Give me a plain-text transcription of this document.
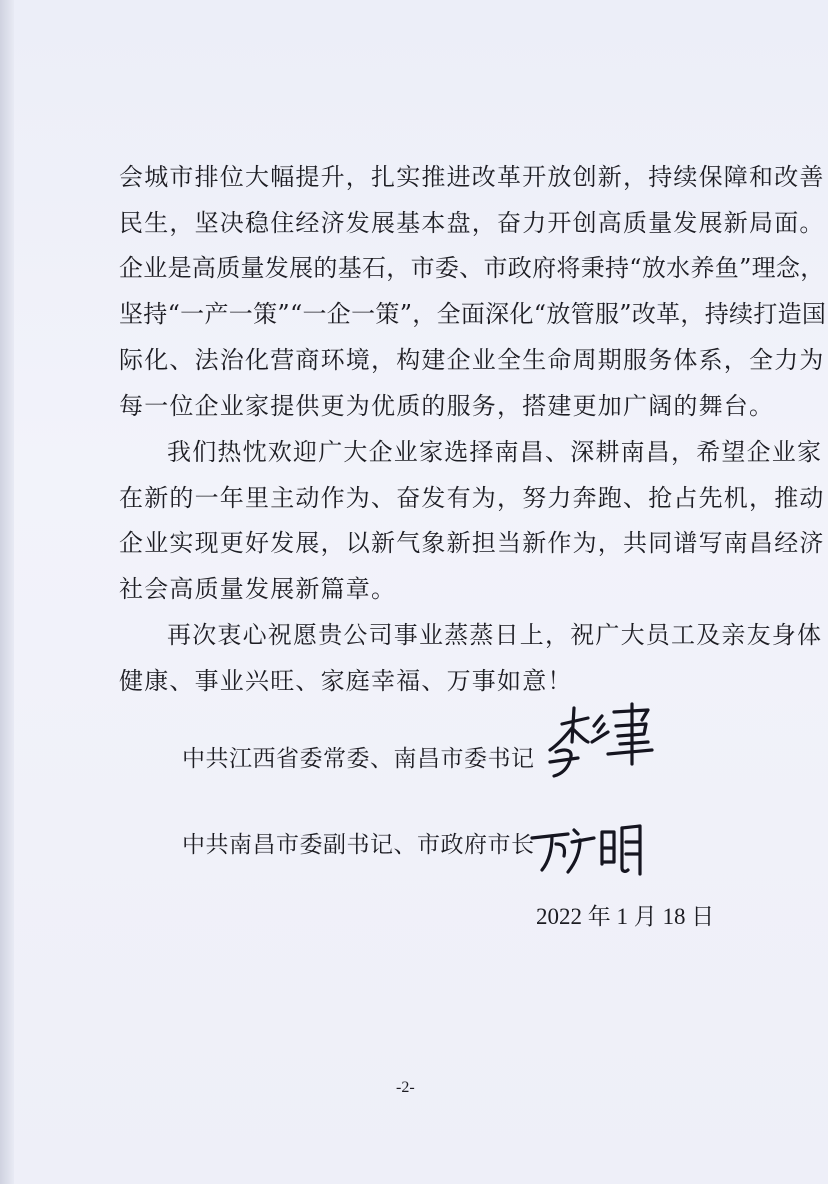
会城市排位大幅提升，扎实推进改革开放创新，持续保障和改善
民生，坚决稳住经济发展基本盘，奋力开创高质量发展新局面。
企业是高质量发展的基石，市委、市政府将秉持“放水养鱼”理念，
坚持“一产一策”“一企一策”，全面深化“放管服”改革，持续打造国
际化、法治化营商环境，构建企业全生命周期服务体系，全力为
每一位企业家提供更为优质的服务，搭建更加广阔的舞台。
我们热忱欢迎广大企业家选择南昌、深耕南昌，希望企业家
在新的一年里主动作为、奋发有为，努力奔跑、抢占先机，推动
企业实现更好发展，以新气象新担当新作为，共同谱写南昌经济
社会高质量发展新篇章。
再次衷心祝愿贵公司事业蒸蒸日上，祝广大员工及亲友身体
健康、事业兴旺、家庭幸福、万事如意！
中共江西省委常委、南昌市委书记
中共南昌市委副书记、市政府市长
2022 年 1 月 18 日
-2-
